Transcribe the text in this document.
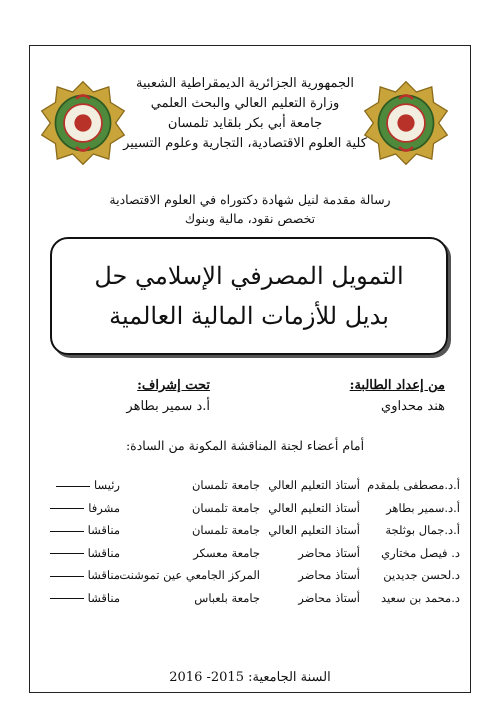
الجمهورية الجزائرية الديمقراطية الشعبية
وزارة التعليم العالي والبحث العلمي
جامعة أبي بكر بلقايد تلمسان
كلية العلوم الاقتصادية، التجارية وعلوم التسيير
رسالة مقدمة لنيل شهادة دكتوراه في العلوم الاقتصادية
تخصص نقود، مالية وبنوك
التمويل المصرفي الإسلامي حل بديل للأزمات المالية العالمية
من إعداد الطالبة:
هند محداوي
تحت إشراف:
أ.د سمير بطاهر
أمام أعضاء لجنة المناقشة المكونة من السادة:
أ.د.مصطفى بلمقدم
أستاذ التعليم العالي
جامعة تلمسان
رئيسا
أ.د.سمير بطاهر
أستاذ التعليم العالي
جامعة تلمسان
مشرفا
أ.د.جمال بوثلجة
أستاذ التعليم العالي
جامعة تلمسان
مناقشا
د. فيصل مختاري
أستاذ محاضر
جامعة معسكر
مناقشا
د.لحسن جديدين
أستاذ محاضر
المركز الجامعي عين تموشنت
مناقشا
د.محمد بن سعيد
أستاذ محاضر
جامعة بلعباس
مناقشا
السنة الجامعية: 2015- 2016
